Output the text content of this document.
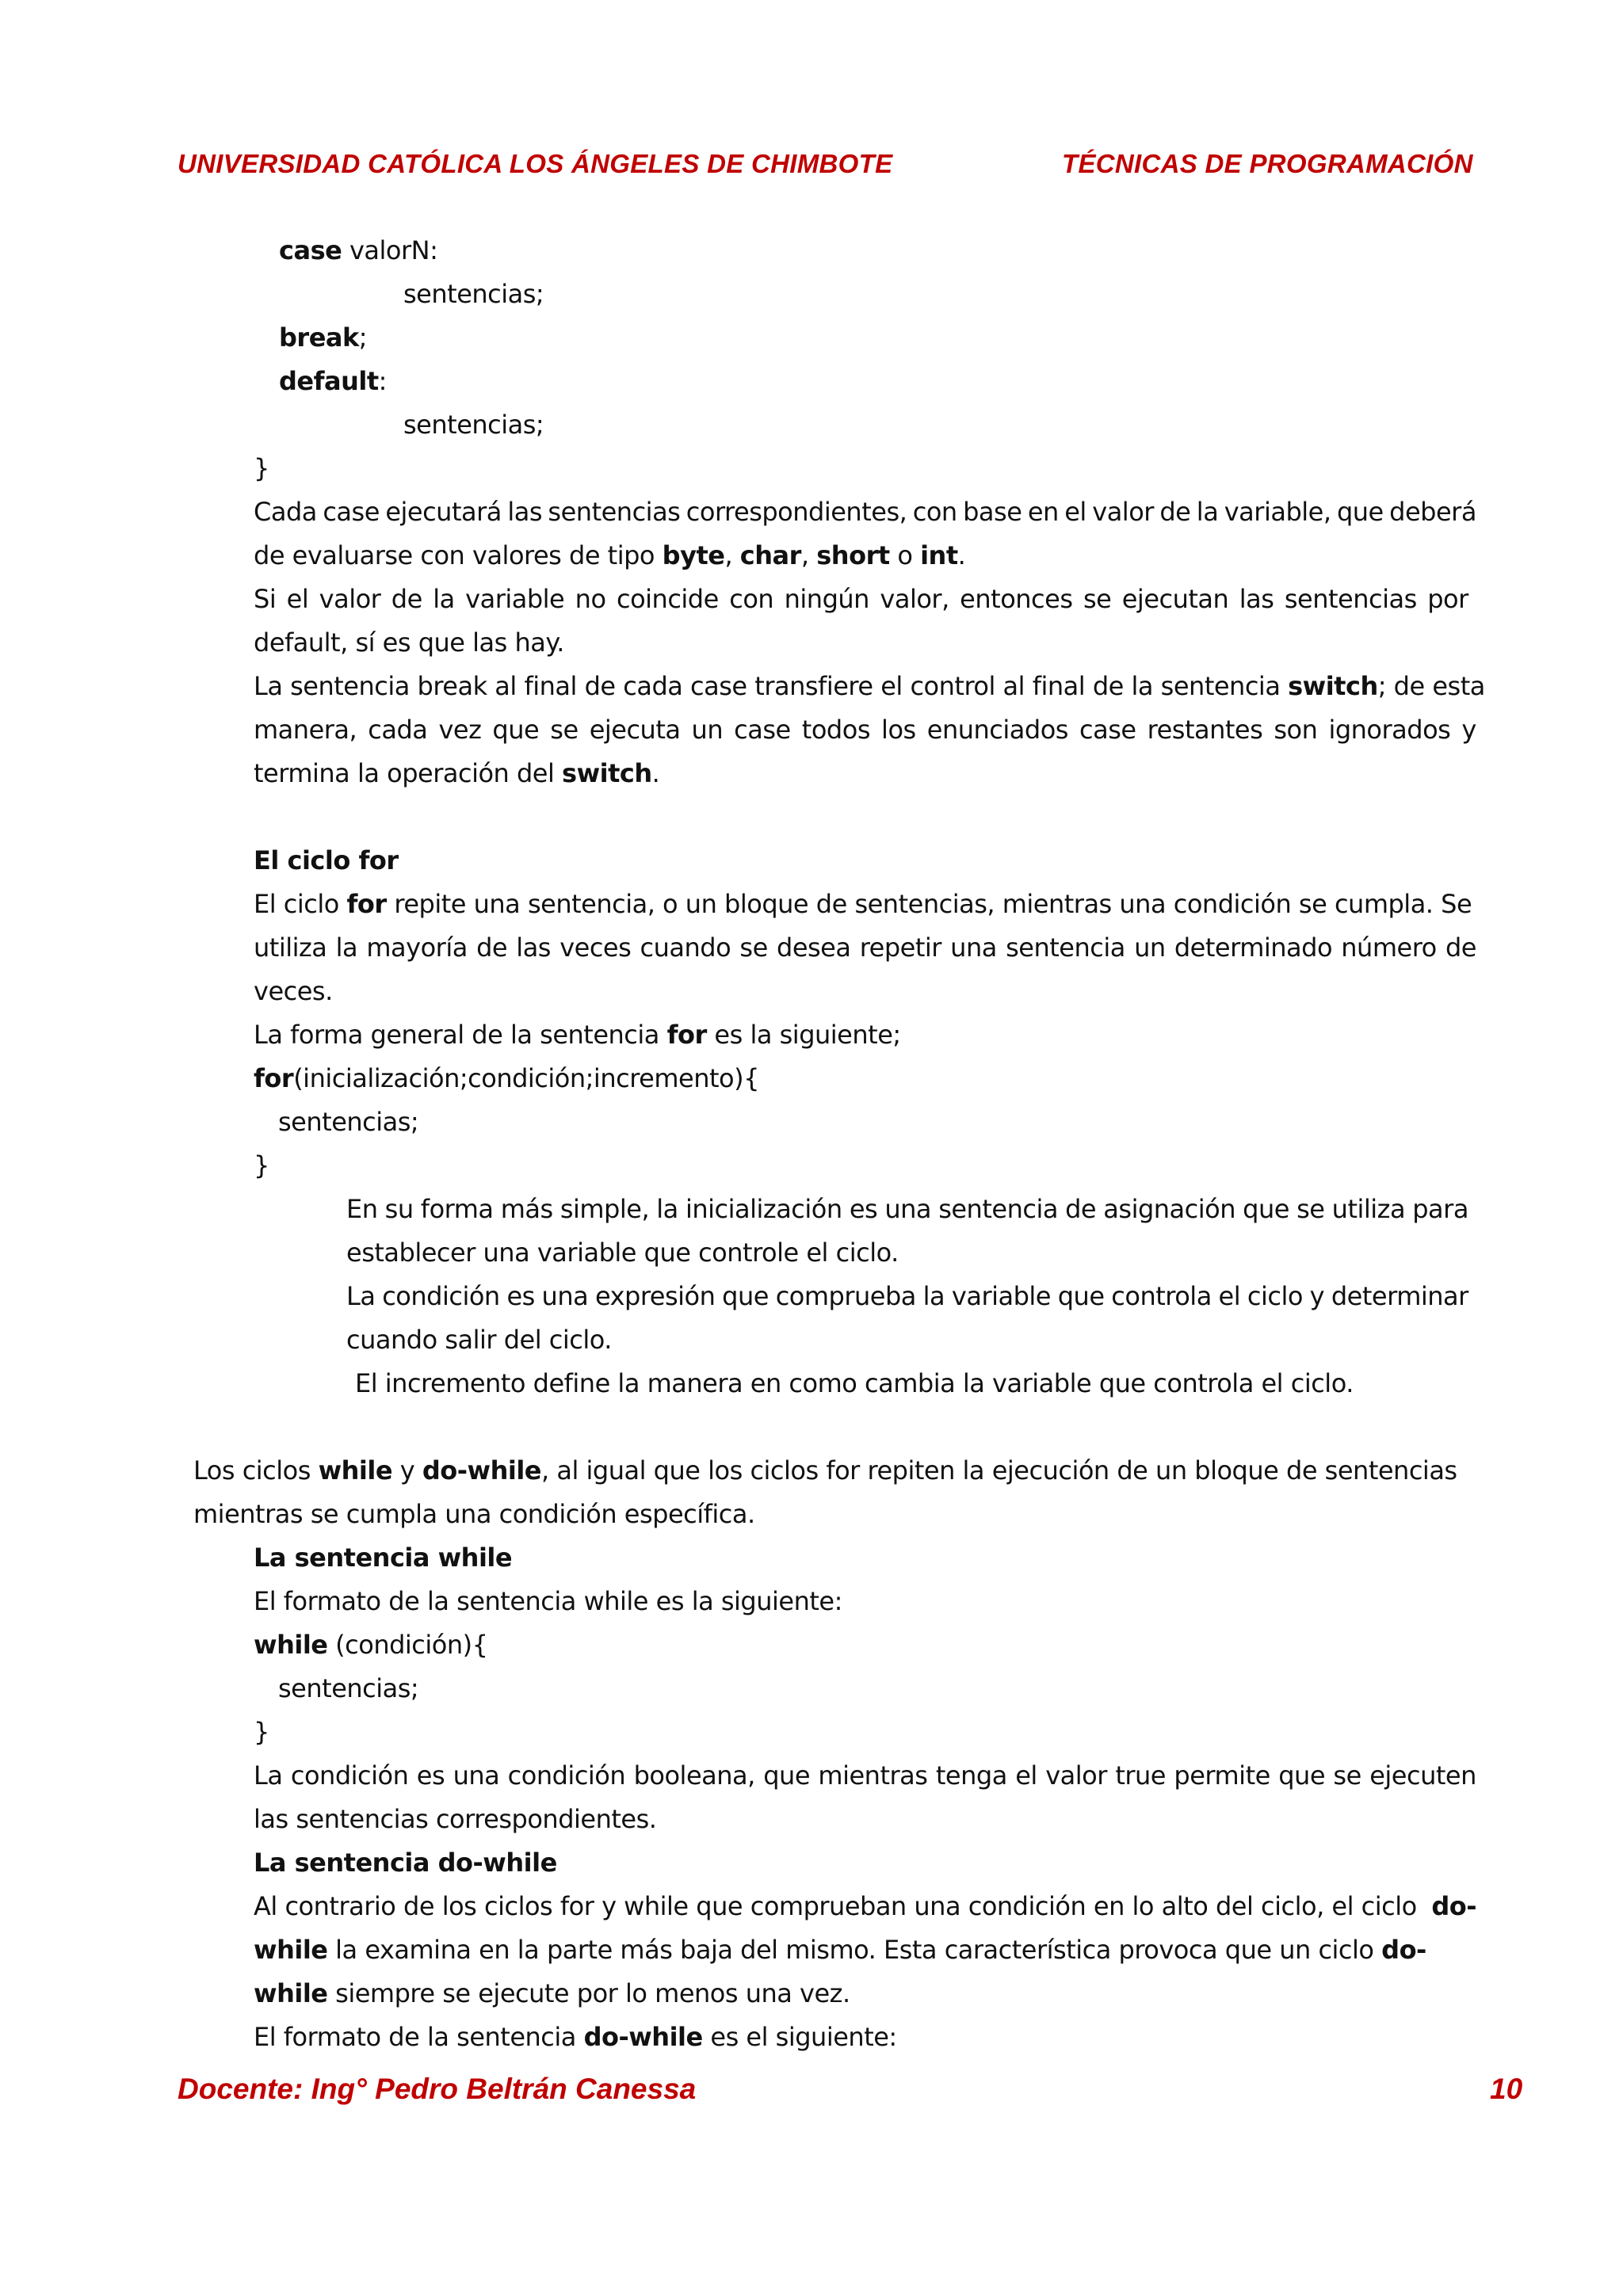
UNIVERSIDAD CATÓLICA LOS ÁNGELES DE CHIMBOTE	TÉCNICAS DE PROGRAMACIÓN
case valorN:
sentencias;
break;
default:
sentencias;
}
Cada case ejecutará las sentencias correspondientes, con base en el valor de la variable, que deberá
de evaluarse con valores de tipo byte, char, short o int.
Si el valor de la variable no coincide con ningún valor, entonces se ejecutan las sentencias por
default, sí es que las hay.
La sentencia break al final de cada case transfiere el control al final de la sentencia switch; de esta
manera, cada vez que se ejecuta un case todos los enunciados case restantes son ignorados y
termina la operación del switch.
El ciclo for
El ciclo for repite una sentencia, o un bloque de sentencias, mientras una condición se cumpla. Se
utiliza la mayoría de las veces cuando se desea repetir una sentencia un determinado número de
veces.
La forma general de la sentencia for es la siguiente;
for(inicialización;condición;incremento){
sentencias;
}
En su forma más simple, la inicialización es una sentencia de asignación que se utiliza para
establecer una variable que controle el ciclo.
La condición es una expresión que comprueba la variable que controla el ciclo y determinar
cuando salir del ciclo.
El incremento define la manera en como cambia la variable que controla el ciclo.
Los ciclos while y do-while, al igual que los ciclos for repiten la ejecución de un bloque de sentencias
mientras se cumpla una condición específica.
La sentencia while
El formato de la sentencia while es la siguiente:
while (condición){
sentencias;
}
La condición es una condición booleana, que mientras tenga el valor true permite que se ejecuten
las sentencias correspondientes.
La sentencia do-while
Al contrario de los ciclos for y while que comprueban una condición en lo alto del ciclo, el ciclo do-
while la examina en la parte más baja del mismo. Esta característica provoca que un ciclo do-
while siempre se ejecute por lo menos una vez.
El formato de la sentencia do-while es el siguiente:
Docente: Ing° Pedro Beltrán Canessa	10
